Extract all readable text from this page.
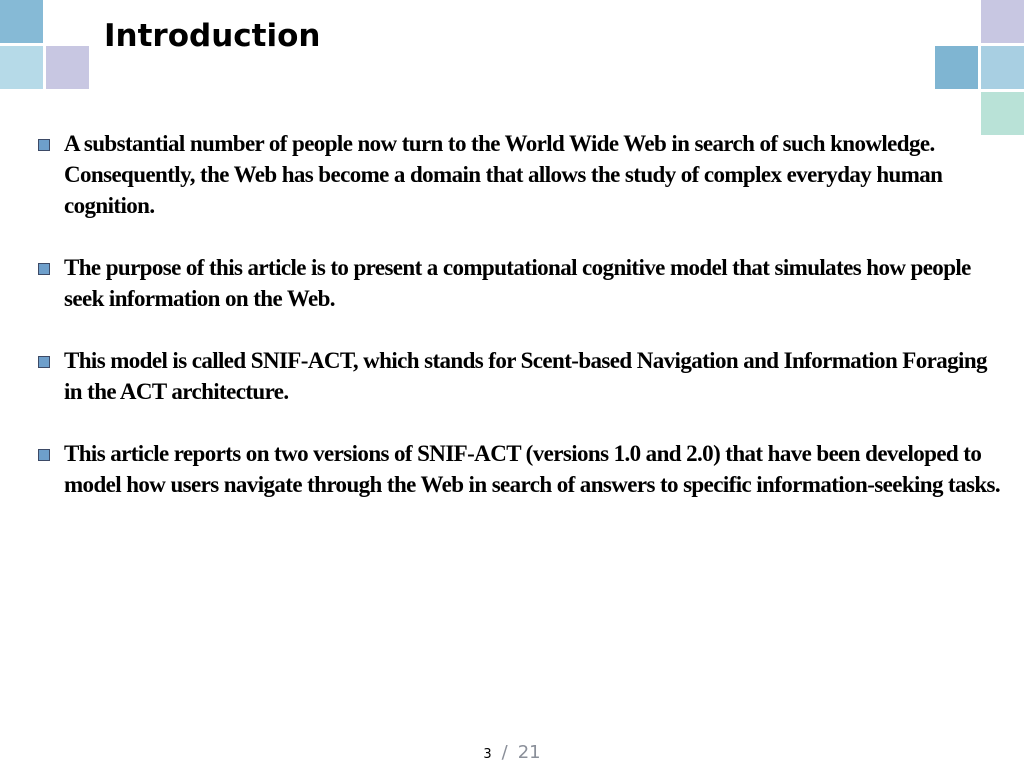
Introduction
A substantial number of people now turn to the World Wide Web in search of such knowledge. Consequently, the Web has become a domain that allows the study of complex everyday human cognition.
The purpose of this article is to present a computational cognitive model that simulates how people seek information on the Web.
This model is called SNIF-ACT, which stands for Scent-based Navigation and Information Foraging in the ACT architecture.
This article reports on two versions of SNIF-ACT (versions 1.0 and 2.0) that have been developed to model how users navigate through the Web in search of answers to specific information-seeking tasks.
3 / 21
